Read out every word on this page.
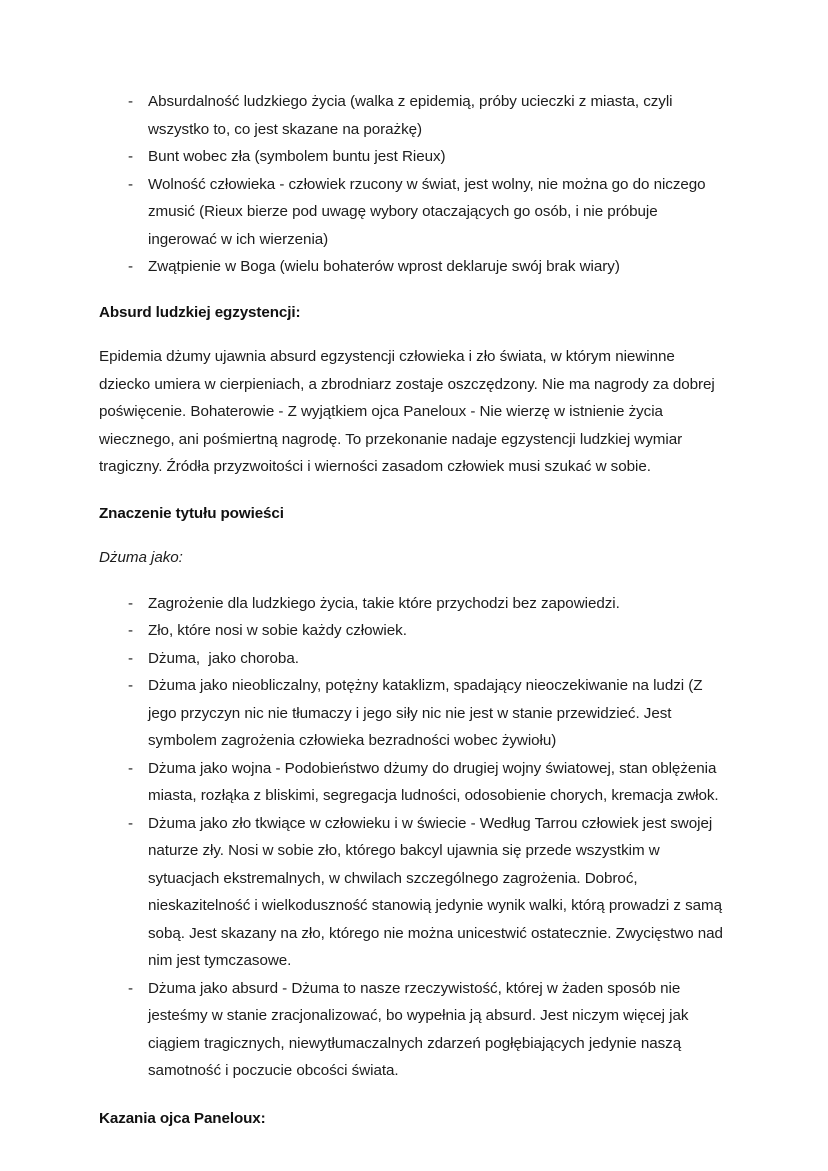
- Absurdalność ludzkiego życia (walka z epidemią, próby ucieczki z miasta, czyli wszystko to, co jest skazane na porażkę)
- Bunt wobec zła (symbolem buntu jest Rieux)
- Wolność człowieka - człowiek rzucony w świat, jest wolny, nie można go do niczego zmusić (Rieux bierze pod uwagę wybory otaczających go osób, i nie próbuje ingerować w ich wierzenia)
- Zwątpienie w Boga (wielu bohaterów wprost deklaruje swój brak wiary)

Absurd ludzkiej egzystencji:

Epidemia dżumy ujawnia absurd egzystencji człowieka i zło świata, w którym niewinne dziecko umiera w cierpieniach, a zbrodniarz zostaje oszczędzony. Nie ma nagrody za dobrej poświęcenie. Bohaterowie - Z wyjątkiem ojca Paneloux - Nie wierzę w istnienie życia wiecznego, ani pośmiertną nagrodę. To przekonanie nadaje egzystencji ludzkiej wymiar tragiczny. Źródła przyzwoitości i wierności zasadom człowiek musi szukać w sobie.

Znaczenie tytułu powieści

Dżuma jako:

- Zagrożenie dla ludzkiego życia, takie które przychodzi bez zapowiedzi.
- Zło, które nosi w sobie każdy człowiek.
- Dżuma,  jako choroba.
- Dżuma jako nieobliczalny, potężny kataklizm, spadający nieoczekiwanie na ludzi (Z jego przyczyn nic nie tłumaczy i jego siły nic nie jest w stanie przewidzieć. Jest symbolem zagrożenia człowieka bezradności wobec żywiołu)
- Dżuma jako wojna - Podobieństwo dżumy do drugiej wojny światowej, stan oblężenia miasta, rozłąka z bliskimi, segregacja ludności, odosobienie chorych, kremacja zwłok.
- Dżuma jako zło tkwiące w człowieku i w świecie - Według Tarrou człowiek jest swojej naturze zły. Nosi w sobie zło, którego bakcyl ujawnia się przede wszystkim w sytuacjach ekstremalnych, w chwilach szczególnego zagrożenia. Dobroć, nieskazitelność i wielkoduszność stanowią jedynie wynik walki, którą prowadzi z samą sobą. Jest skazany na zło, którego nie można unicestwić ostatecznie. Zwycięstwo nad nim jest tymczasowe.
- Dżuma jako absurd - Dżuma to nasze rzeczywistość, której w żaden sposób nie jesteśmy w stanie zracjonalizować, bo wypełnia ją absurd. Jest niczym więcej jak ciągiem tragicznych, niewytłumaczalnych zdarzeń pogłębiających jedynie naszą samotność i poczucie obcości świata.

Kazania ojca Paneloux:
